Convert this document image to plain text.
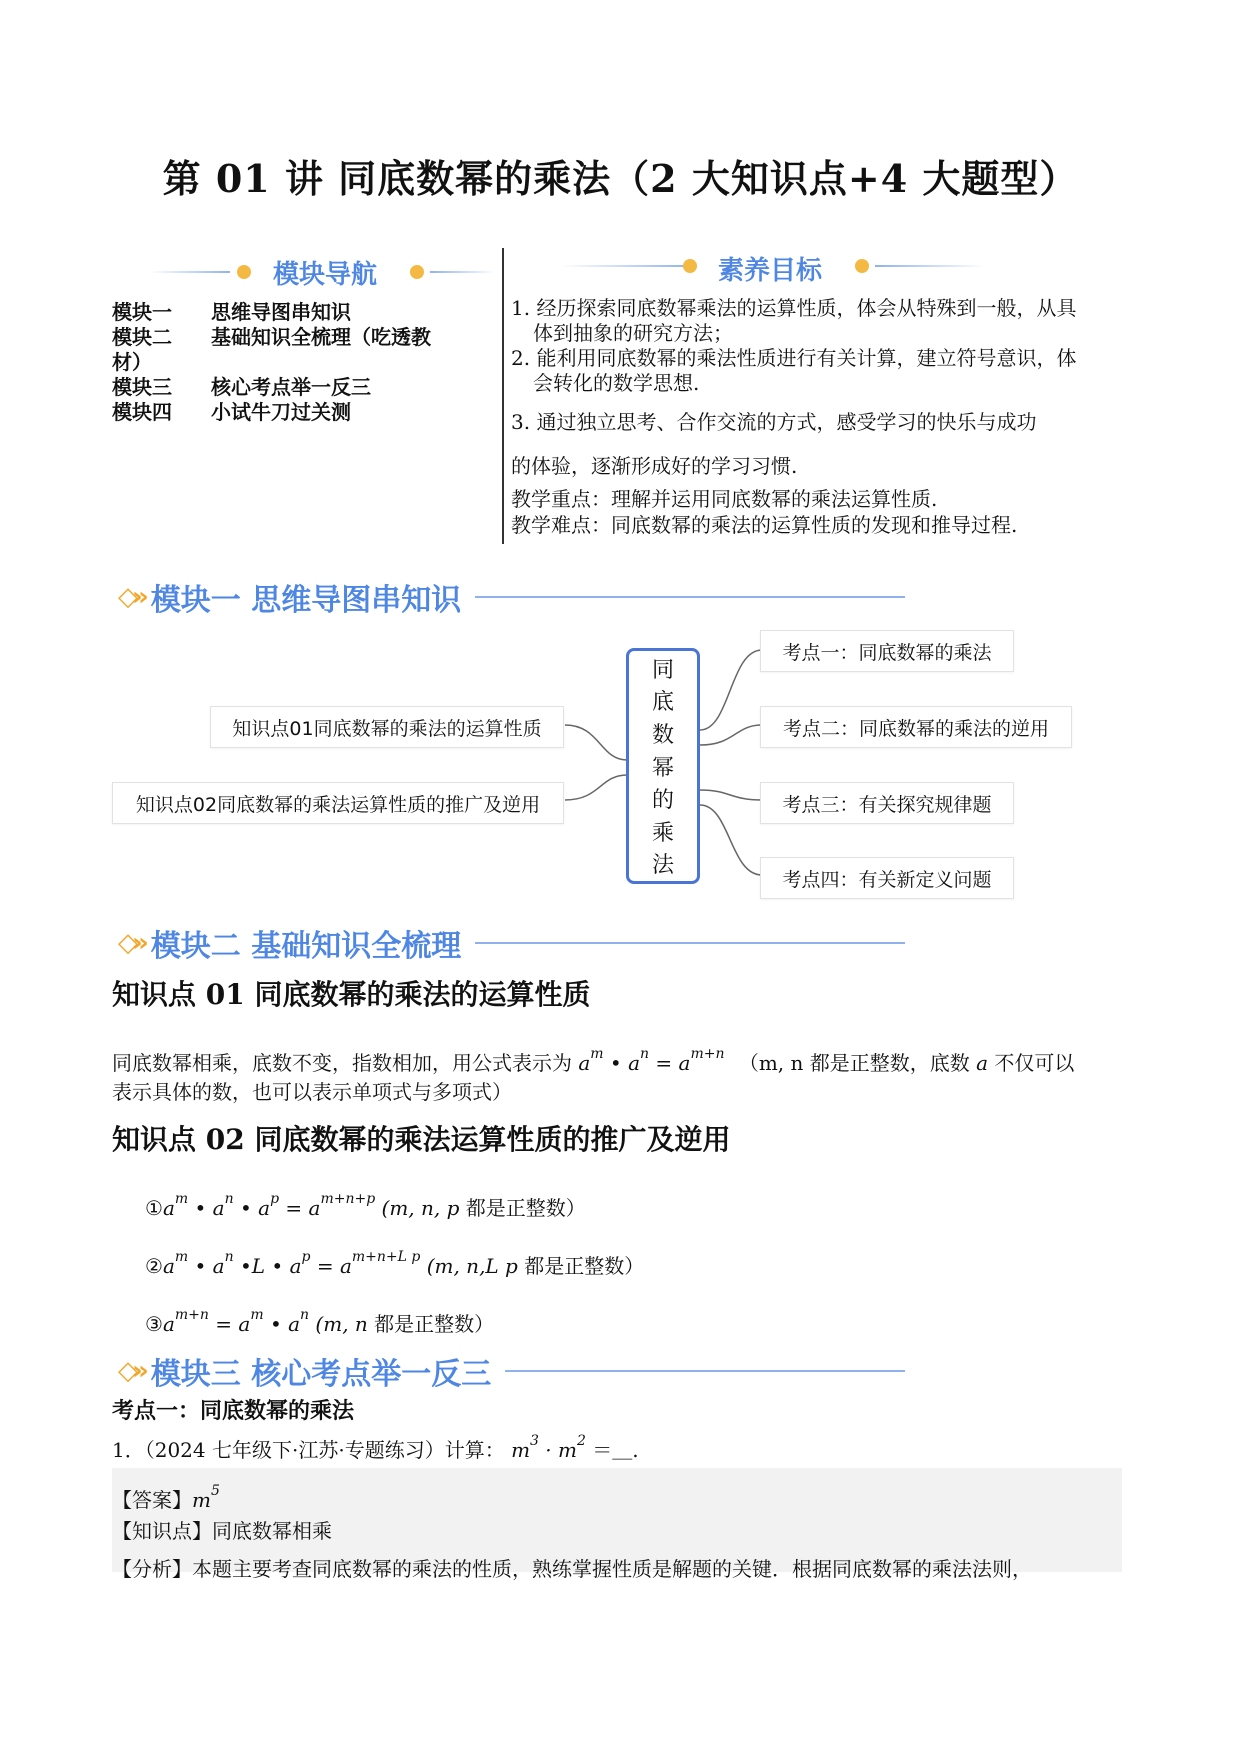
第 01 讲 同底数幂的乘法（2 大知识点+4 大题型）
模块导航
模块一	思维导图串知识
模块二	基础知识全梳理（吃透教
材）
模块三	核心考点举一反三
模块四	小试牛刀过关测
素养目标
1. 经历探索同底数幂乘法的运算性质，体会从特殊到一般，从具
体到抽象的研究方法；
2. 能利用同底数幂的乘法性质进行有关计算，建立符号意识，体
会转化的数学思想.
3. 通过独立思考、合作交流的方式，感受学习的快乐与成功
的体验，逐渐形成好的学习习惯.
教学重点：理解并运用同底数幂的乘法运算性质.
教学难点：同底数幂的乘法的运算性质的发现和推导过程.
◇» 模块一 思维导图串知识
同
底
数
幂
的
乘
法
知识点01同底数幂的乘法的运算性质
知识点02同底数幂的乘法运算性质的推广及逆用
考点一：同底数幂的乘法
考点二：同底数幂的乘法的逆用
考点三：有关探究规律题
考点四：有关新定义问题
◇» 模块二 基础知识全梳理
知识点 01 同底数幂的乘法的运算性质
同底数幂相乘，底数不变，指数相加，用公式表示为 $a^m$ • $a^n = a^{m+n}$ （m, n 都是正整数，底数 a 不仅可以
表示具体的数，也可以表示单项式与多项式）
知识点 02 同底数幂的乘法运算性质的推广及逆用
$①a^m$ • $a^n$ • $a^p = a^{m+n+p}$ (m, n, p 都是正整数）
$②a^m$ • $a^n$ •L • $a^p = a^{m+n+L p}$ (m, n,L p 都是正整数）
$③a^{m+n} = a^m$ • $a^n$ (m, n 都是正整数）
◇» 模块三 核心考点举一反三
考点一：同底数幂的乘法
1．（2024 七年级下·江苏·专题练习）计算： $m^3 \cdot m^2$ ＝＿.
【答案】$m^5$
【知识点】同底数幂相乘
【分析】本题主要考查同底数幂的乘法的性质，熟练掌握性质是解题的关键．根据同底数幂的乘法法则，
